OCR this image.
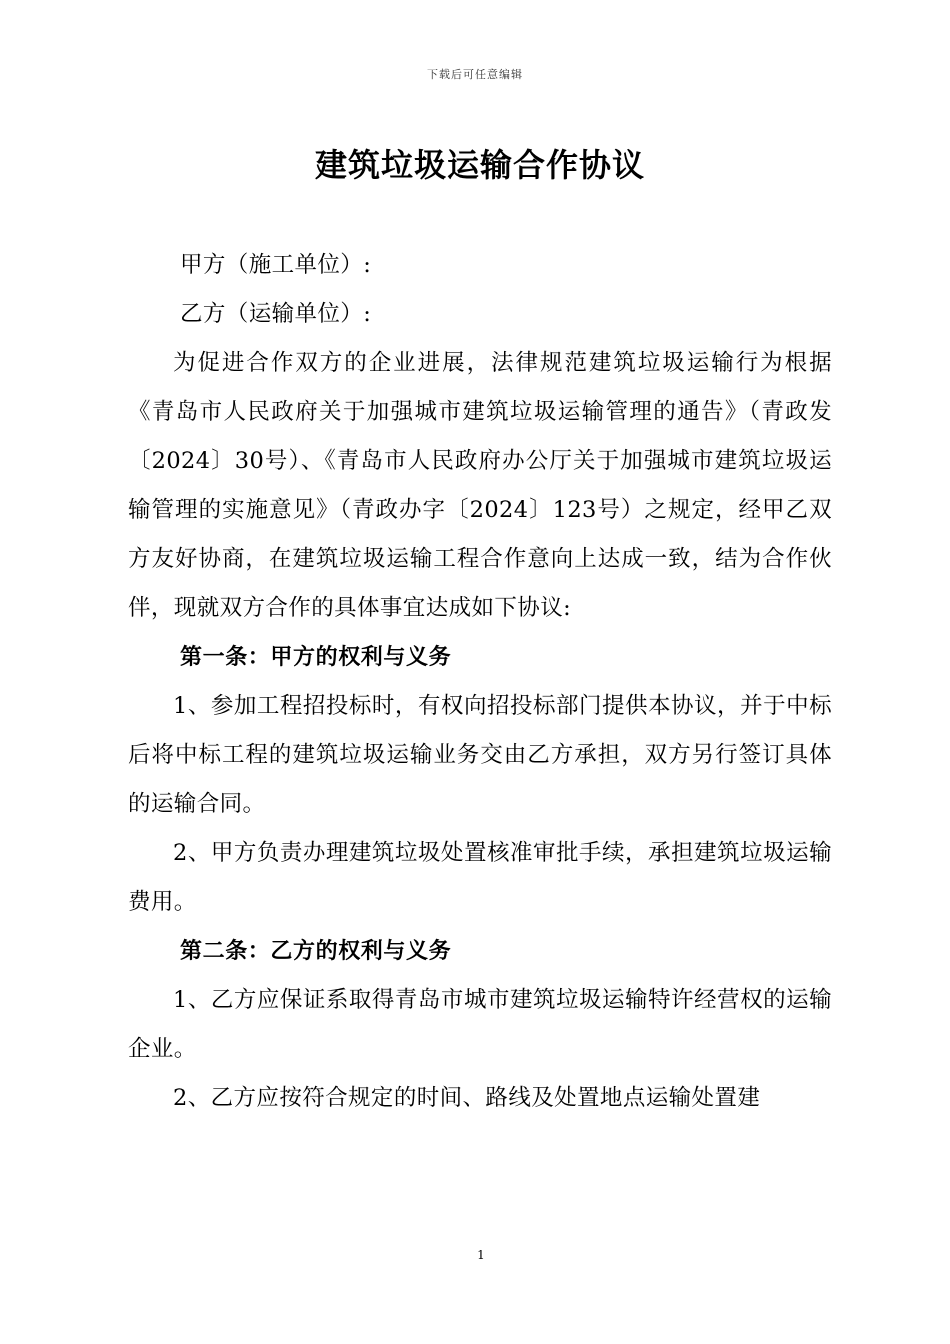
下载后可任意编辑
建筑垃圾运输合作协议

甲方（施工单位）:

乙方（运输单位）:

为促进合作双方的企业进展，法律规范建筑垃圾运输行为根据《青岛市人民政府关于加强城市建筑垃圾运输管理的通告》（青政发〔2024〕30号）、《青岛市人民政府办公厅关于加强城市建筑垃圾运输管理的实施意见》（青政办字〔2024〕123号）之规定，经甲乙双方友好协商，在建筑垃圾运输工程合作意向上达成一致，结为合作伙伴，现就双方合作的具体事宜达成如下协议:

第一条：甲方的权利与义务

1、参加工程招投标时，有权向招投标部门提供本协议，并于中标后将中标工程的建筑垃圾运输业务交由乙方承担，双方另行签订具体的运输合同。

2、甲方负责办理建筑垃圾处置核准审批手续，承担建筑垃圾运输费用。

第二条：乙方的权利与义务

1、乙方应保证系取得青岛市城市建筑垃圾运输特许经营权的运输企业。

2、乙方应按符合规定的时间、路线及处置地点运输处置建

1
